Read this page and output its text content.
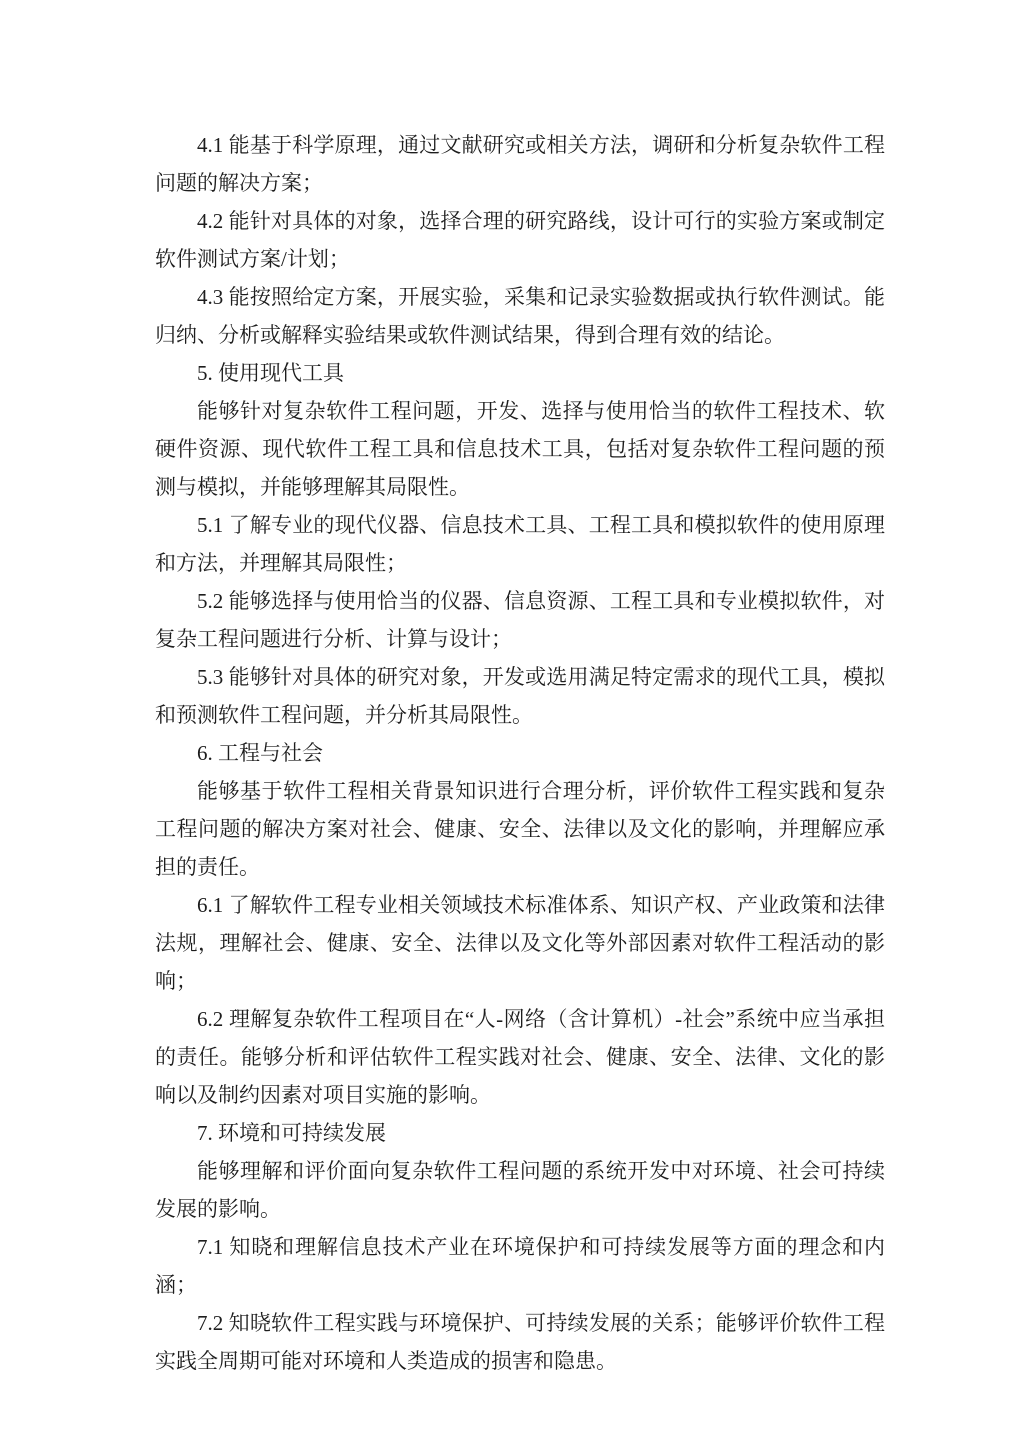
4.1 能基于科学原理，通过文献研究或相关方法，调研和分析复杂软件工程问题的解决方案；

4.2 能针对具体的对象，选择合理的研究路线，设计可行的实验方案或制定软件测试方案/计划；

4.3 能按照给定方案，开展实验，采集和记录实验数据或执行软件测试。能归纳、分析或解释实验结果或软件测试结果，得到合理有效的结论。

5. 使用现代工具

能够针对复杂软件工程问题，开发、选择与使用恰当的软件工程技术、软硬件资源、现代软件工程工具和信息技术工具，包括对复杂软件工程问题的预测与模拟，并能够理解其局限性。

5.1 了解专业的现代仪器、信息技术工具、工程工具和模拟软件的使用原理和方法，并理解其局限性；

5.2 能够选择与使用恰当的仪器、信息资源、工程工具和专业模拟软件，对复杂工程问题进行分析、计算与设计；

5.3 能够针对具体的研究对象，开发或选用满足特定需求的现代工具，模拟和预测软件工程问题，并分析其局限性。

6. 工程与社会

能够基于软件工程相关背景知识进行合理分析，评价软件工程实践和复杂工程问题的解决方案对社会、健康、安全、法律以及文化的影响，并理解应承担的责任。

6.1 了解软件工程专业相关领域技术标准体系、知识产权、产业政策和法律法规，理解社会、健康、安全、法律以及文化等外部因素对软件工程活动的影响；

6.2 理解复杂软件工程项目在“人-网络（含计算机）-社会”系统中应当承担的责任。能够分析和评估软件工程实践对社会、健康、安全、法律、文化的影响以及制约因素对项目实施的影响。

7. 环境和可持续发展

能够理解和评价面向复杂软件工程问题的系统开发中对环境、社会可持续发展的影响。

7.1 知晓和理解信息技术产业在环境保护和可持续发展等方面的理念和内涵；

7.2 知晓软件工程实践与环境保护、可持续发展的关系；能够评价软件工程实践全周期可能对环境和人类造成的损害和隐患。
